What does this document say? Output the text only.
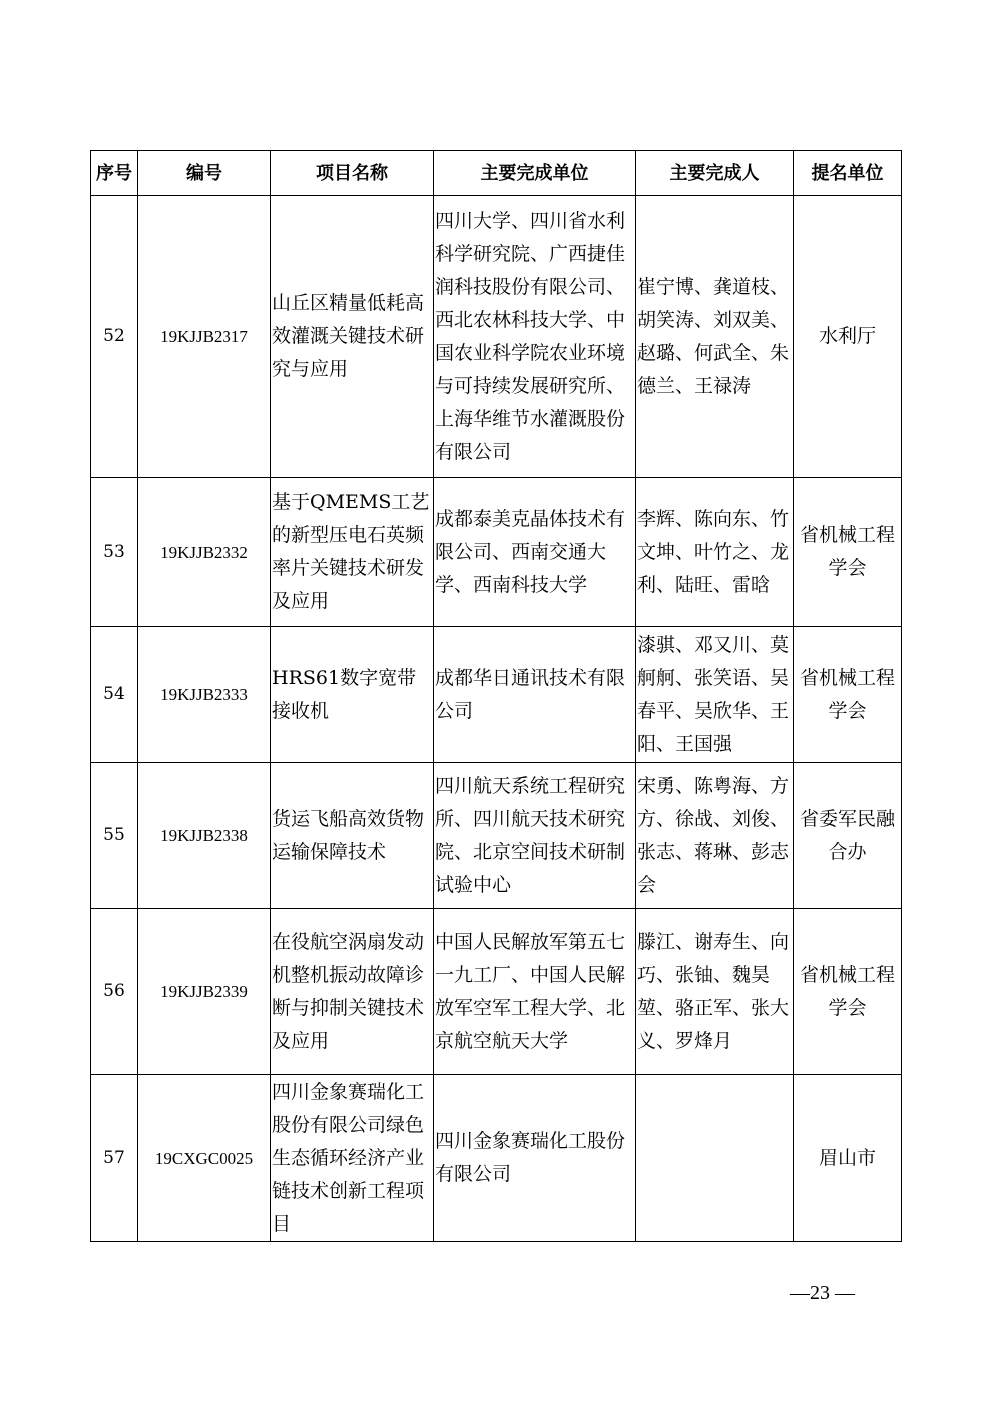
序号	编号	项目名称	主要完成单位	主要完成人	提名单位
52	19KJJB2317	山丘区精量低耗高效灌溉关键技术研究与应用	四川大学、四川省水利科学研究院、广西捷佳润科技股份有限公司、西北农林科技大学、中国农业科学院农业环境与可持续发展研究所、上海华维节水灌溉股份有限公司	崔宁博、龚道枝、胡笑涛、刘双美、赵璐、何武全、朱德兰、王禄涛	水利厅
53	19KJJB2332	基于QMEMS工艺的新型压电石英频率片关键技术研发及应用	成都泰美克晶体技术有限公司、西南交通大学、西南科技大学	李辉、陈向东、竹文坤、叶竹之、龙利、陆旺、雷晗	省机械工程学会
54	19KJJB2333	HRS61数字宽带接收机	成都华日通讯技术有限公司	漆骐、邓又川、莫舸舸、张笑语、吴春平、吴欣华、王阳、王国强	省机械工程学会
55	19KJJB2338	货运飞船高效货物运输保障技术	四川航天系统工程研究所、四川航天技术研究院、北京空间技术研制试验中心	宋勇、陈粤海、方方、徐战、刘俊、张志、蒋琳、彭志会	省委军民融合办
56	19KJJB2339	在役航空涡扇发动机整机振动故障诊断与抑制关键技术及应用	中国人民解放军第五七一九工厂、中国人民解放军空军工程大学、北京航空航天大学	滕江、谢寿生、向巧、张铀、魏昊堃、骆正军、张大义、罗烽月	省机械工程学会
57	19CXGC0025	四川金象赛瑞化工股份有限公司绿色生态循环经济产业链技术创新工程项目	四川金象赛瑞化工股份有限公司		眉山市
—23 —
